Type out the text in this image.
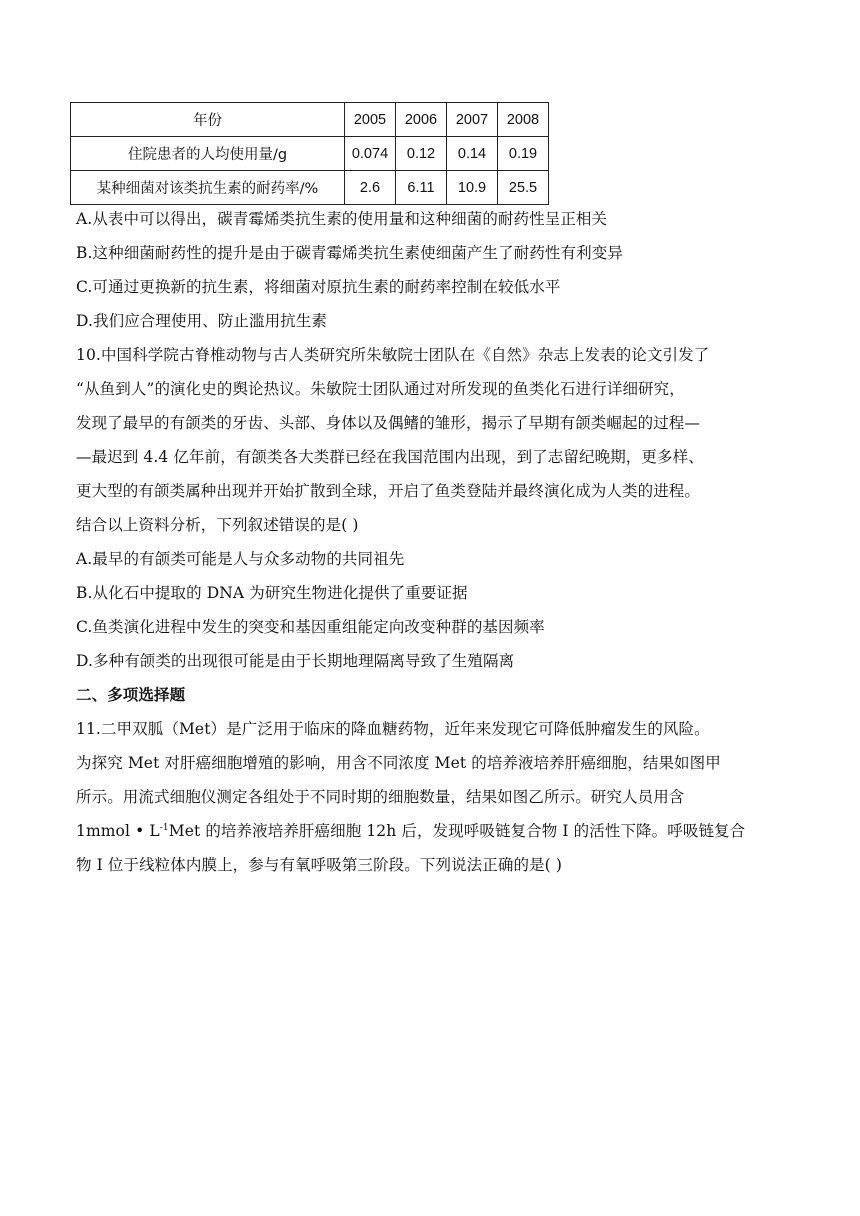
年份	2005	2006	2007	2008
住院患者的人均使用量/g	0.074	0.12	0.14	0.19
某种细菌对该类抗生素的耐药率/%	2.6	6.11	10.9	25.5
A.从表中可以得出，碳青霉烯类抗生素的使用量和这种细菌的耐药性呈正相关
B.这种细菌耐药性的提升是由于碳青霉烯类抗生素使细菌产生了耐药性有利变异
C.可通过更换新的抗生素，将细菌对原抗生素的耐药率控制在较低水平
D.我们应合理使用、防止滥用抗生素
10.中国科学院古脊椎动物与古人类研究所朱敏院士团队在《自然》杂志上发表的论文引发了
“从鱼到人”的演化史的舆论热议。朱敏院士团队通过对所发现的鱼类化石进行详细研究，
发现了最早的有颌类的牙齿、头部、身体以及偶鳍的雏形，揭示了早期有颌类崛起的过程—
—最迟到 4.4 亿年前，有颌类各大类群已经在我国范围内出现，到了志留纪晚期，更多样、
更大型的有颌类属种出现并开始扩散到全球，开启了鱼类登陆并最终演化成为人类的进程。
结合以上资料分析，下列叙述错误的是( )
A.最早的有颌类可能是人与众多动物的共同祖先
B.从化石中提取的 DNA 为研究生物进化提供了重要证据
C.鱼类演化进程中发生的突变和基因重组能定向改变种群的基因频率
D.多种有颌类的出现很可能是由于长期地理隔离导致了生殖隔离
二、多项选择题
11.二甲双胍（Met）是广泛用于临床的降血糖药物，近年来发现它可降低肿瘤发生的风险。
为探究 Met 对肝癌细胞增殖的影响，用含不同浓度 Met 的培养液培养肝癌细胞，结果如图甲
所示。用流式细胞仪测定各组处于不同时期的细胞数量，结果如图乙所示。研究人员用含
1mmol • $L^{-1}Met$ 的培养液培养肝癌细胞 12h 后，发现呼吸链复合物 I 的活性下降。呼吸链复合
物 I 位于线粒体内膜上，参与有氧呼吸第三阶段。下列说法正确的是( )
